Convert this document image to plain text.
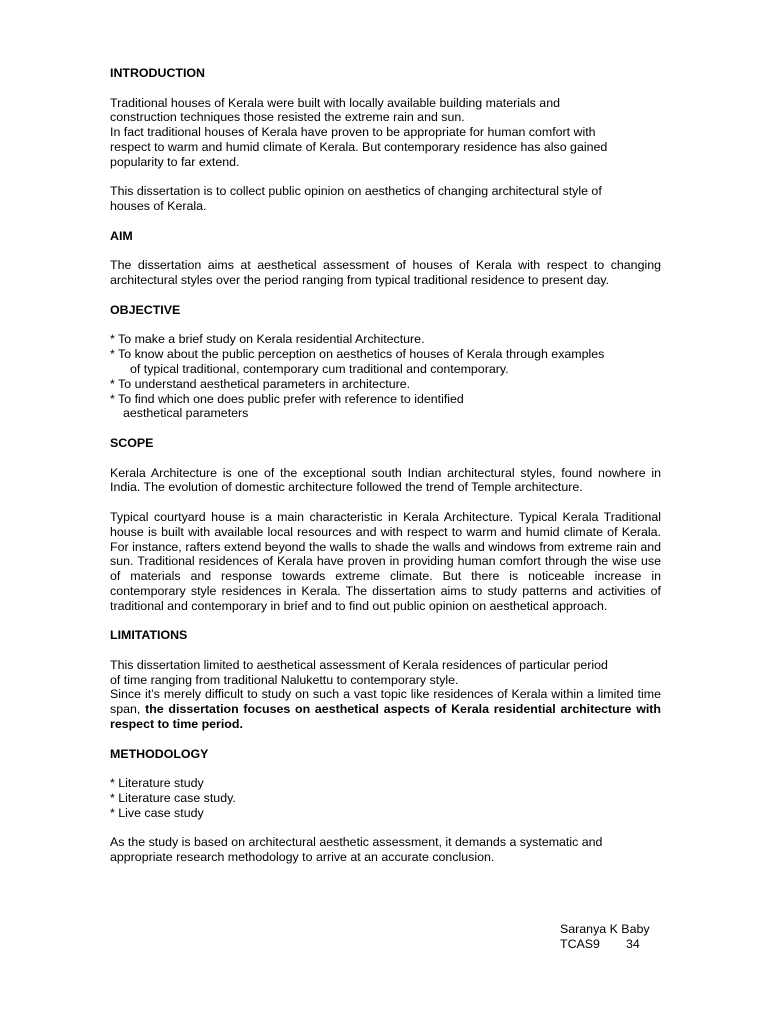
INTRODUCTION

Traditional houses of Kerala were built with locally available building materials and

construction techniques those resisted the extreme rain and sun.

In fact traditional houses of Kerala have proven to be appropriate for human comfort with

respect to warm and humid climate of Kerala. But contemporary residence has also gained

popularity to far extend.

This dissertation is to collect public opinion on aesthetics of changing architectural style of

houses of Kerala.

AIM

The dissertation aims at aesthetical assessment of houses of Kerala with respect to changing architectural styles over the period ranging from typical traditional residence to present day.

OBJECTIVE

* To make a brief study on Kerala residential Architecture.

* To know about the public perception on aesthetics of houses of Kerala through examples

of typical traditional, contemporary cum traditional and contemporary.

* To understand aesthetical parameters in architecture.

* To find which one does public prefer with reference to identified

aesthetical parameters

SCOPE

Kerala Architecture is one of the exceptional south Indian architectural styles, found nowhere in India. The evolution of domestic architecture followed the trend of Temple architecture.

Typical courtyard house is a main characteristic in Kerala Architecture. Typical Kerala Traditional house is built with available local resources and with respect to warm and humid climate of Kerala. For instance, rafters extend beyond the walls to shade the walls and windows from extreme rain and sun. Traditional residences of Kerala have proven in providing human comfort through the wise use of materials and response towards extreme climate. But there is noticeable increase in contemporary style residences in Kerala. The dissertation aims to study patterns and activities of traditional and contemporary in brief and to find out public opinion on aesthetical approach.

LIMITATIONS

This dissertation limited to aesthetical assessment of Kerala residences of particular period

of time ranging from traditional Nalukettu to contemporary style.

Since it’s merely difficult to study on such a vast topic like residences of Kerala within a limited time span, the dissertation focuses on aesthetical aspects of Kerala residential architecture with respect to time period.

METHODOLOGY

* Literature study

* Literature case study.

* Live case study

As the study is based on architectural aesthetic assessment, it demands a systematic and

appropriate research methodology to arrive at an accurate conclusion.

Saranya K Baby
TCAS9 34
